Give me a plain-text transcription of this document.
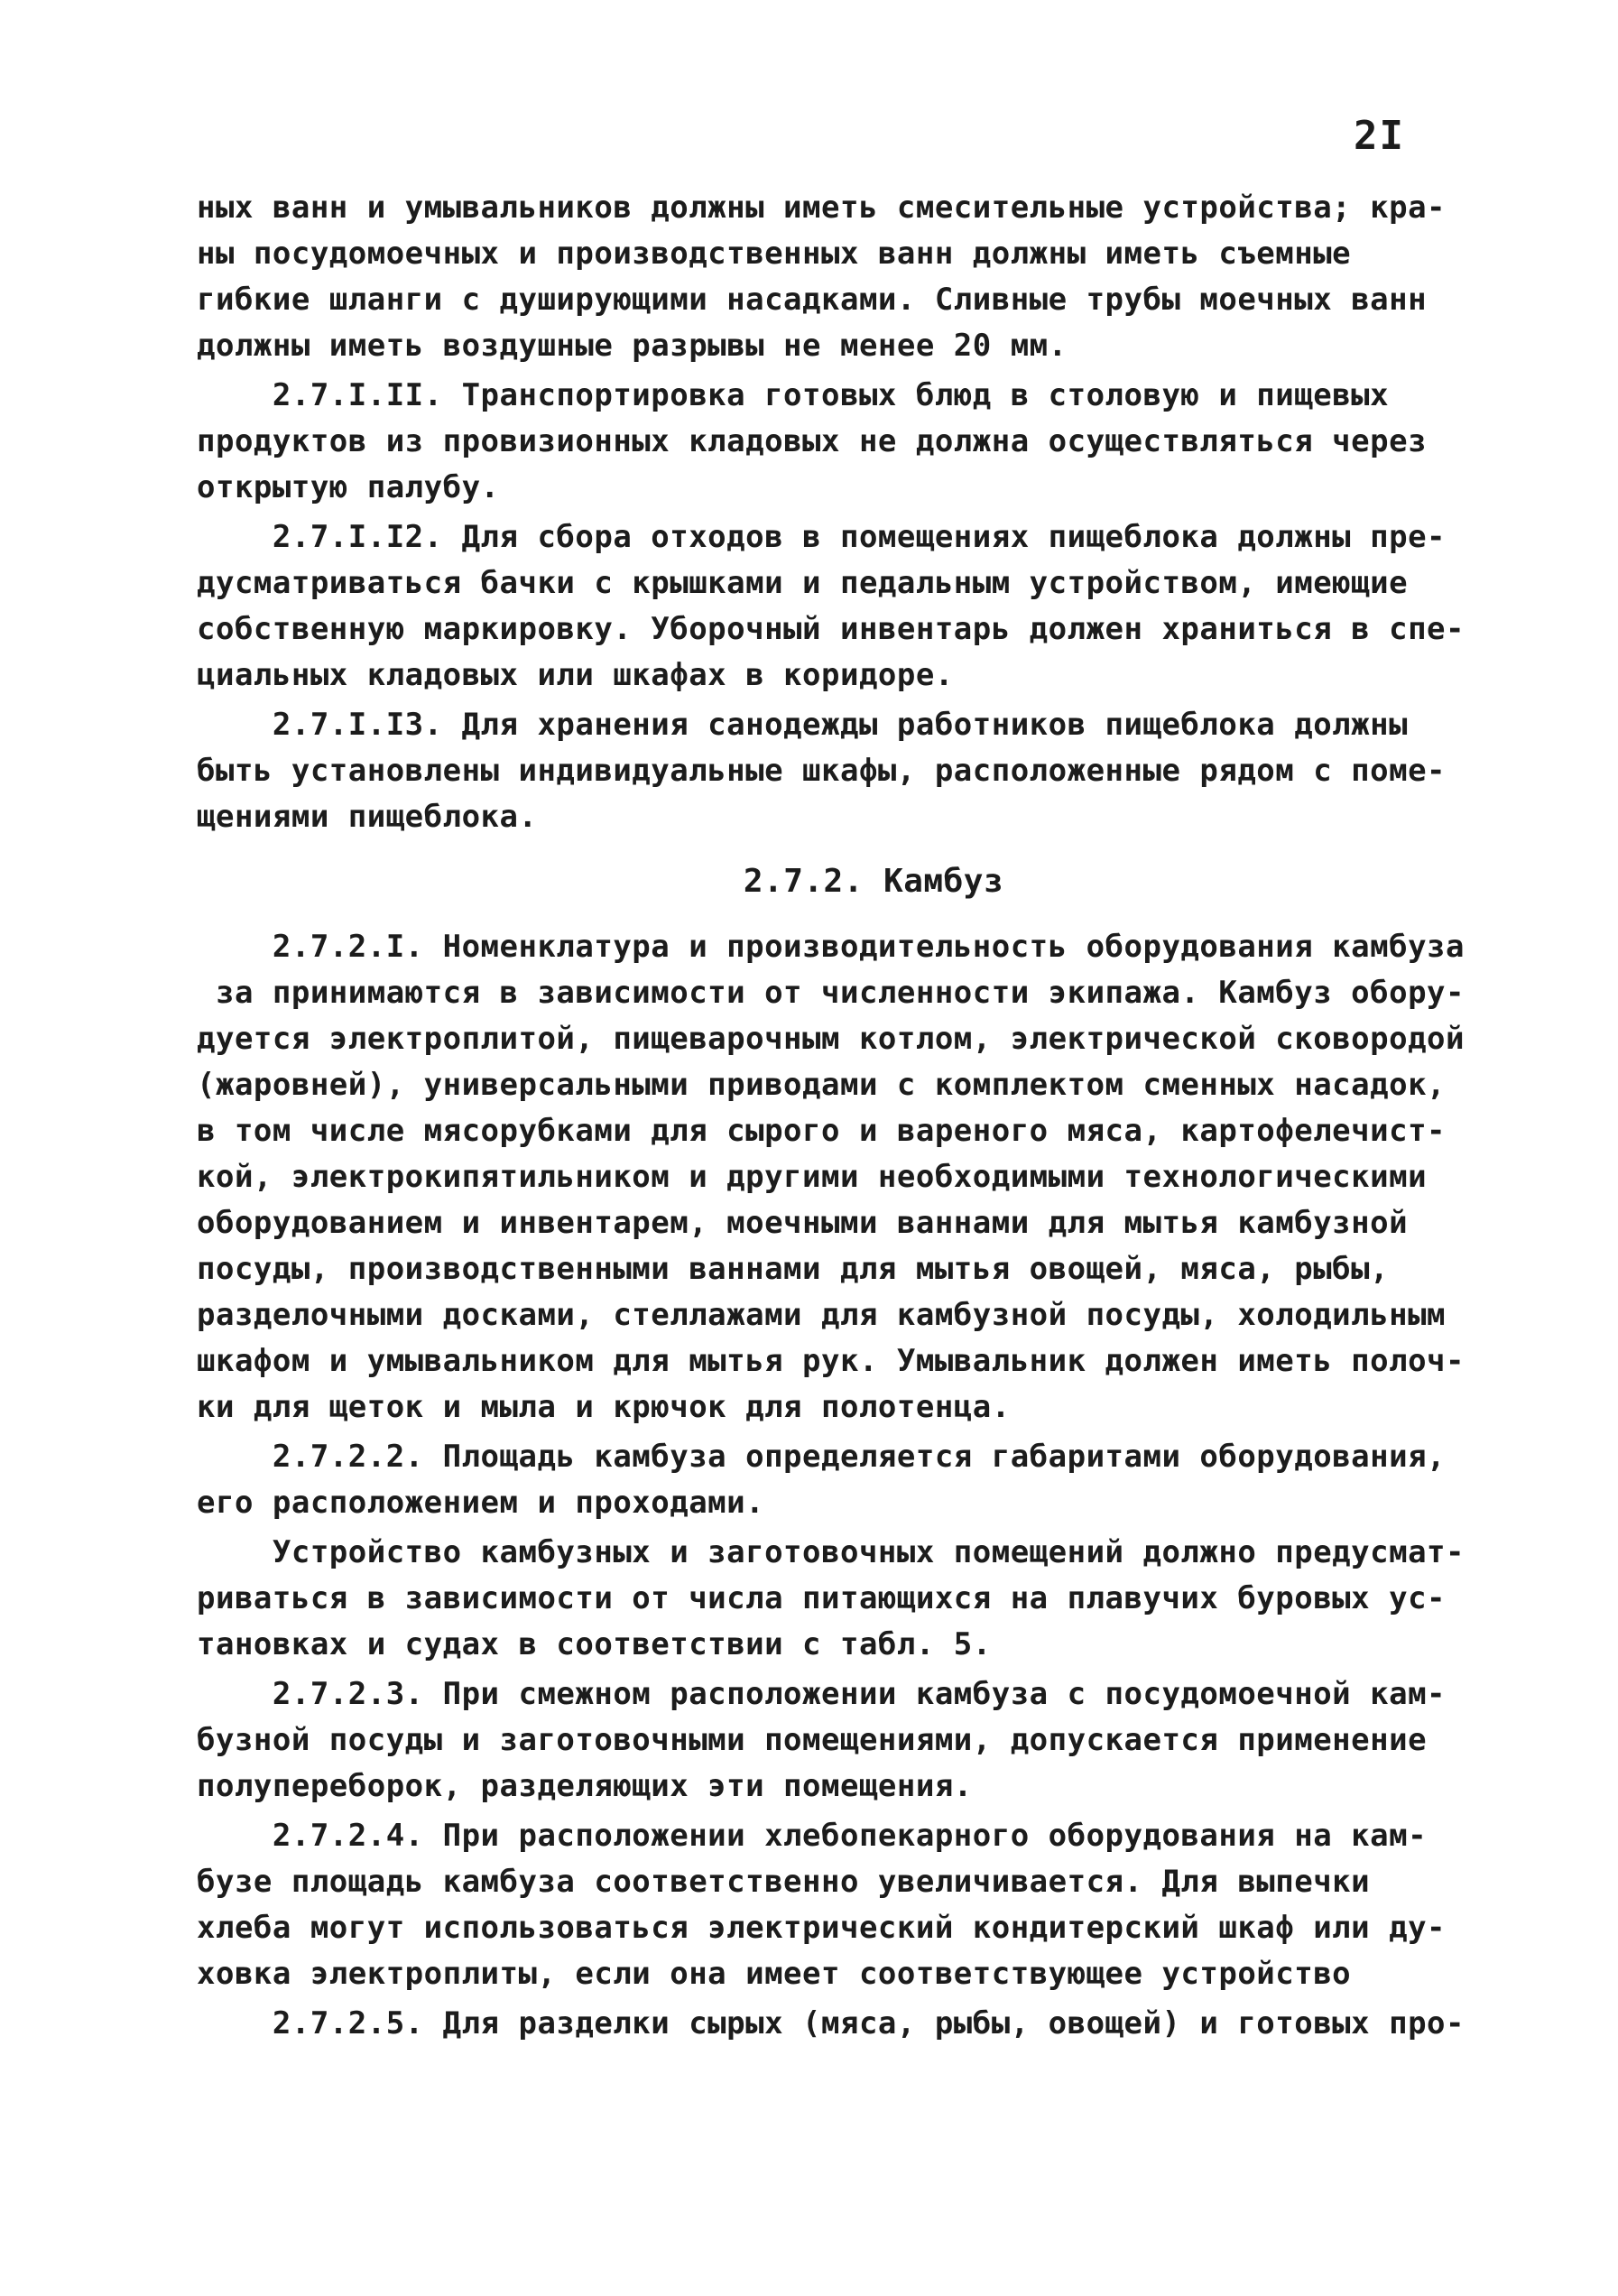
2I
ных ванн и умывальников должны иметь смесительные устройства; кра-
ны посудомоечных и производственных ванн должны иметь съемные
гибкие шланги с душирующими насадками. Сливные трубы моечных ванн
должны иметь воздушные разрывы не менее 20 мм.
2.7.I.II. Транспортировка готовых блюд в столовую и пищевых
продуктов из провизионных кладовых не должна осуществляться через
открытую палубу.
2.7.I.I2. Для сбора отходов в помещениях пищеблока должны пре-
дусматриваться бачки с крышками и педальным устройством, имеющие
собственную маркировку. Уборочный инвентарь должен храниться в спе-
циальных кладовых или шкафах в коридоре.
2.7.I.I3. Для хранения санодежды работников пищеблока должны
быть установлены индивидуальные шкафы, расположенные рядом с поме-
щениями пищеблока.
2.7.2. Камбуз
2.7.2.I. Номенклатура и производительность оборудования камбуза
за принимаются в зависимости от численности экипажа. Камбуз обору-
дуется электроплитой, пищеварочным котлом, электрической сковородой
(жаровней), универсальными приводами с комплектом сменных насадок,
в том числе мясорубками для сырого и вареного мяса, картофелечист-
кой, электрокипятильником и другими необходимыми технологическими
оборудованием и инвентарем, моечными ваннами для мытья камбузной
посуды, производственными ваннами для мытья овощей, мяса, рыбы,
разделочными досками, стеллажами для камбузной посуды, холодильным
шкафом и умывальником для мытья рук. Умывальник должен иметь полоч-
ки для щеток и мыла и крючок для полотенца.
2.7.2.2. Площадь камбуза определяется габаритами оборудования,
его расположением и проходами.
Устройство камбузных и заготовочных помещений должно предусмат-
риваться в зависимости от числа питающихся на плавучих буровых ус-
тановках и судах в соответствии с табл. 5.
2.7.2.3. При смежном расположении камбуза с посудомоечной кам-
бузной посуды и заготовочными помещениями, допускается применение
полупереборок, разделяющих эти помещения.
2.7.2.4. При расположении хлебопекарного оборудования на кам-
бузе площадь камбуза соответственно увеличивается. Для выпечки
хлеба могут использоваться электрический кондитерский шкаф или ду-
ховка электроплиты, если она имеет соответствующее устройство
2.7.2.5. Для разделки сырых (мяса, рыбы, овощей) и готовых про-
